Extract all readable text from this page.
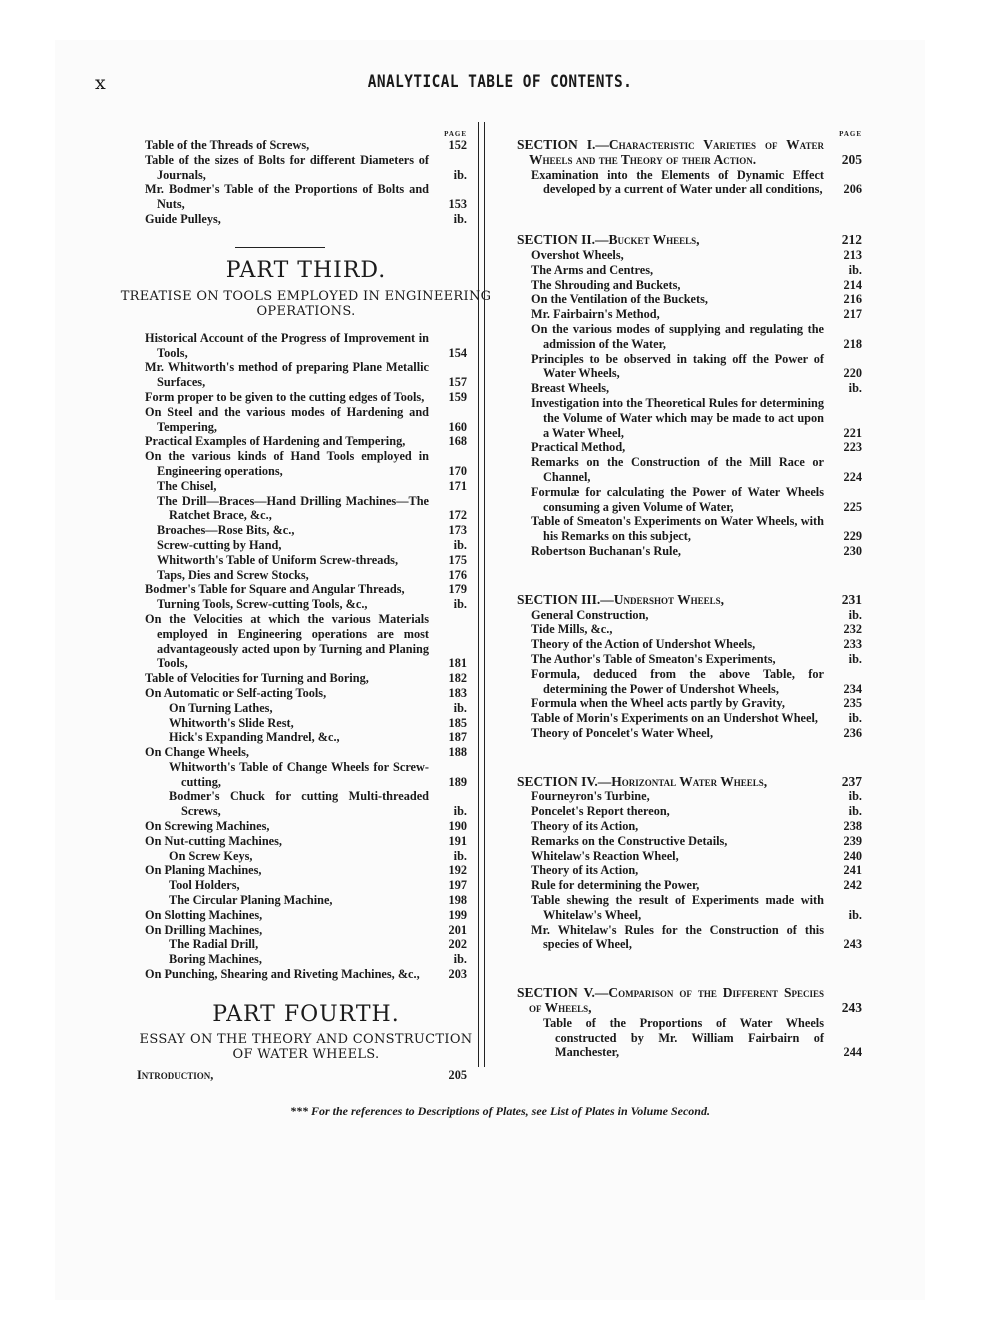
x	ANALYTICAL TABLE OF CONTENTS.
PAGE
Table of the Threads of Screws,	152
Table of the sizes of Bolts for different Diameters of Journals,	ib.
Mr. Bodmer's Table of the Proportions of Bolts and Nuts,	153
Guide Pulleys,	ib.
PART THIRD.
TREATISE ON TOOLS EMPLOYED IN ENGINEERING OPERATIONS.
Historical Account of the Progress of Improvement in Tools,	154
Mr. Whitworth's method of preparing Plane Metallic Surfaces,	157
Form proper to be given to the cutting edges of Tools,	159
On Steel and the various modes of Hardening and Tempering,	160
Practical Examples of Hardening and Tempering,	168
On the various kinds of Hand Tools employed in Engineering operations,	170
The Chisel,	171
The Drill—Braces—Hand Drilling Machines—The Ratchet Brace, &c.,	172
Broaches—Rose Bits, &c.,	173
Screw-cutting by Hand,	ib.
Whitworth's Table of Uniform Screw-threads,	175
Taps, Dies and Screw Stocks,	176
Bodmer's Table for Square and Angular Threads,	179
Turning Tools, Screw-cutting Tools, &c.,	ib.
On the Velocities at which the various Materials employed in Engineering operations are most advantageously acted upon by Turning and Planing Tools,	181
Table of Velocities for Turning and Boring,	182
On Automatic or Self-acting Tools,	183
On Turning Lathes,	ib.
Whitworth's Slide Rest,	185
Hick's Expanding Mandrel, &c.,	187
On Change Wheels,	188
Whitworth's Table of Change Wheels for Screw-cutting,	189
Bodmer's Chuck for cutting Multi-threaded Screws,	ib.
On Screwing Machines,	190
On Nut-cutting Machines,	191
On Screw Keys,	ib.
On Planing Machines,	192
Tool Holders,	197
The Circular Planing Machine,	198
On Slotting Machines,	199
On Drilling Machines,	201
The Radial Drill,	202
Boring Machines,	ib.
On Punching, Shearing and Riveting Machines, &c.,	203
PART FOURTH.
ESSAY ON THE THEORY AND CONSTRUCTION OF WATER WHEELS.
Introduction,	205
PAGE
SECTION I.—Characteristic Varieties of Water Wheels and the Theory of their Action.	205
Examination into the Elements of Dynamic Effect developed by a current of Water under all conditions,	206
SECTION II.—Bucket Wheels,	212
Overshot Wheels,	213
The Arms and Centres,	ib.
The Shrouding and Buckets,	214
On the Ventilation of the Buckets,	216
Mr. Fairbairn's Method,	217
On the various modes of supplying and regulating the admission of the Water,	218
Principles to be observed in taking off the Power of Water Wheels,	220
Breast Wheels,	ib.
Investigation into the Theoretical Rules for determining the Volume of Water which may be made to act upon a Water Wheel,	221
Practical Method,	223
Remarks on the Construction of the Mill Race or Channel,	224
Formulæ for calculating the Power of Water Wheels consuming a given Volume of Water,	225
Table of Smeaton's Experiments on Water Wheels, with his Remarks on this subject,	229
Robertson Buchanan's Rule,	230
SECTION III.—Undershot Wheels,	231
General Construction,	ib.
Tide Mills, &c.,	232
Theory of the Action of Undershot Wheels,	233
The Author's Table of Smeaton's Experiments,	ib.
Formula, deduced from the above Table, for determining the Power of Undershot Wheels,	234
Formula when the Wheel acts partly by Gravity,	235
Table of Morin's Experiments on an Undershot Wheel,	ib.
Theory of Poncelet's Water Wheel,	236
SECTION IV.—Horizontal Water Wheels,	237
Fourneyron's Turbine,	ib.
Poncelet's Report thereon,	ib.
Theory of its Action,	238
Remarks on the Constructive Details,	239
Whitelaw's Reaction Wheel,	240
Theory of its Action,	241
Rule for determining the Power,	242
Table shewing the result of Experiments made with Whitelaw's Wheel,	ib.
Mr. Whitelaw's Rules for the Construction of this species of Wheel,	243
SECTION V.—Comparison of the Different Species of Wheels,	243
Table of the Proportions of Water Wheels constructed by Mr. William Fairbairn of Manchester,	244
*** For the references to Descriptions of Plates, see List of Plates in Volume Second.
